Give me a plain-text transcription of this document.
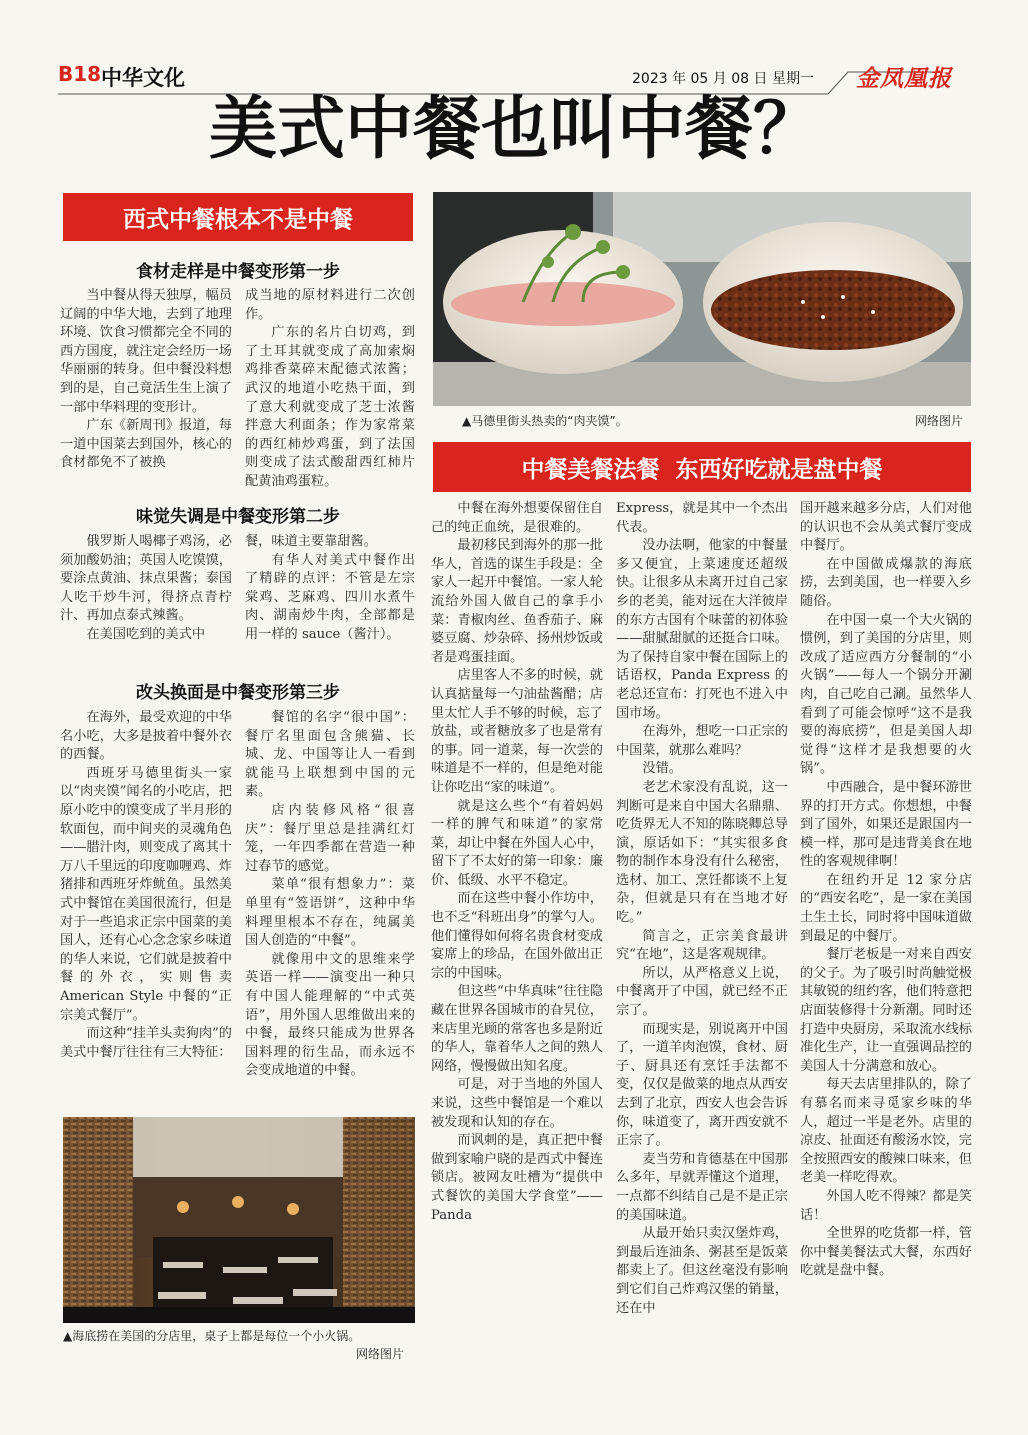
B18 中华文化	2023 年 05 月 08 日 星期一 金凤凰报
美式中餐也叫中餐？
西式中餐根本不是中餐
食材走样是中餐变形第一步

当中餐从得天独厚，幅员辽阔的中华大地，去到了地理环境、饮食习惯都完全不同的西方国度，就注定会经历一场华丽丽的转身。但中餐没料想到的是，自己竟活生生上演了一部中华料理的变形计。

广东《新周刊》报道，每一道中国菜去到国外，核心的食材都免不了被换

成当地的原材料进行二次创作。

广东的名片白切鸡，到了土耳其就变成了高加索焖鸡排香菜碎末配德式浓酱；武汉的地道小吃热干面，到了意大利就变成了芝士浓酱拌意大利面条；作为家常菜的西红柿炒鸡蛋，到了法国则变成了法式酸甜西红柿片配黄油鸡蛋粒。

味觉失调是中餐变形第二步

俄罗斯人喝椰子鸡汤，必须加酸奶油；英国人吃馍馍，要涂点黄油、抹点果酱；泰国人吃干炒牛河，得挤点青柠汁、再加点泰式辣酱。

在美国吃到的美式中

餐，味道主要靠甜酱。

有华人对美式中餐作出了精辟的点评：不管是左宗棠鸡、芝麻鸡、四川水煮牛肉、湖南炒牛肉，全部都是用一样的 sauce（酱汁）。

改头换面是中餐变形第三步

在海外，最受欢迎的中华名小吃，大多是披着中餐外衣的西餐。

西班牙马德里街头一家以“肉夹馍”闻名的小吃店，把原小吃中的馍变成了半月形的软面包，而中间夹的灵魂角色——腊汁肉，则变成了离其十万八千里远的印度咖喱鸡、炸猪排和西班牙炸鱿鱼。虽然美式中餐馆在美国很流行，但是对于一些追求正宗中国菜的美国人，还有心心念念家乡味道的华人来说，它们就是披着中餐的外衣，实则售卖 American Style 中餐的“正宗美式餐厅”。

而这种“挂羊头卖狗肉”的美式中餐厅往往有三大特征：

餐馆的名字“很中国”：餐厅名里面包含熊猫、长城、龙、中国等让人一看到就能马上联想到中国的元素。

店内装修风格“很喜庆”：餐厅里总是挂满红灯笼，一年四季都在营造一种过春节的感觉。

菜单“很有想象力”：菜单里有“签语饼”，这种中华料理里根本不存在，纯属美国人创造的“中餐”。

就像用中文的思维来学英语一样——演变出一种只有中国人能理解的“中式英语”，用外国人思维做出来的中餐，最终只能成为世界各国料理的衍生品，而永远不会变成地道的中餐。

▲海底捞在美国的分店里，桌子上都是每位一个小火锅。
网络图片
▲马德里街头热卖的“肉夹馍”。	网络图片
中餐美餐法餐  东西好吃就是盘中餐

中餐在海外想要保留住自己的纯正血统，是很难的。

最初移民到海外的那一批华人，首选的谋生手段是：全家人一起开中餐馆。一家人轮流给外国人做自己的拿手小菜：青椒肉丝、鱼香茄子、麻婆豆腐、炒杂碎、扬州炒饭或者是鸡蛋挂面。

店里客人不多的时候，就认真掂量每一勺油盐酱醋；店里太忙人手不够的时候，忘了放盐，或者糖放多了也是常有的事。同一道菜，每一次尝的味道是不一样的，但是绝对能让你吃出“家的味道”。

就是这么些个“有着妈妈一样的脾气和味道”的家常菜，却让中餐在外国人心中，留下了不太好的第一印象：廉价、低级、水平不稳定。

而在这些中餐小作坊中，也不乏“科班出身”的掌勺人。他们懂得如何将名贵食材变成宴席上的珍品，在国外做出正宗的中国味。

但这些“中华真味”往往隐藏在世界各国城市的旮旯位，来店里光顾的常客也多是附近的华人，靠着华人之间的熟人网络，慢慢做出知名度。

可是，对于当地的外国人来说，这些中餐馆是一个难以被发现和认知的存在。

而讽刺的是，真正把中餐做到家喻户晓的是西式中餐连锁店。被网友吐槽为“提供中式餐饮的美国大学食堂”——Panda

Express，就是其中一个杰出代表。

没办法啊，他家的中餐量多又便宜，上菜速度还超级快。让很多从未离开过自己家乡的老美，能对远在大洋彼岸的东方古国有个味蕾的初体验——甜腻甜腻的还挺合口味。为了保持自家中餐在国际上的话语权，Panda Express 的老总还宣布：打死也不进入中国市场。

在海外，想吃一口正宗的中国菜，就那么难吗？

没错。

老艺术家没有乱说，这一判断可是来自中国大名鼎鼎、吃货界无人不知的陈晓卿总导演，原话如下：“其实很多食物的制作本身没有什么秘密，选材、加工、烹饪都谈不上复杂，但就是只有在当地才好吃。”

简言之，正宗美食最讲究“在地”，这是客观规律。

所以，从严格意义上说，中餐离开了中国，就已经不正宗了。

而现实是，别说离开中国了，一道羊肉泡馍，食材、厨子、厨具还有烹饪手法都不变，仅仅是做菜的地点从西安去到了北京，西安人也会告诉你，味道变了，离开西安就不正宗了。

麦当劳和肯德基在中国那么多年，早就弄懂这个道理，一点都不纠结自己是不是正宗的美国味道。

从最开始只卖汉堡炸鸡，到最后连油条、粥甚至是饭菜都卖上了。但这丝毫没有影响到它们自己炸鸡汉堡的销量，还在中

国开越来越多分店，人们对他的认识也不会从美式餐厅变成中餐厅。

在中国做成爆款的海底捞，去到美国，也一样要入乡随俗。

在中国一桌一个大火锅的惯例，到了美国的分店里，则改成了适应西方分餐制的“小火锅”——每人一个锅分开涮肉，自己吃自己涮。虽然华人看到了可能会惊呼“这不是我要的海底捞”，但是美国人却觉得“这样才是我想要的火锅”。

中西融合，是中餐环游世界的打开方式。你想想，中餐到了国外，如果还是跟国内一模一样，那可是违背美食在地性的客观规律啊！

在纽约开足 12 家分店的“西安名吃”，是一家在美国土生土长，同时将中国味道做到最足的中餐厅。

餐厅老板是一对来自西安的父子。为了吸引时尚触觉极其敏锐的纽约客，他们特意把店面装修得十分新潮。同时还打造中央厨房，采取流水线标准化生产，让一直强调品控的美国人十分满意和放心。

每天去店里排队的，除了有慕名而来寻觅家乡味的华人，超过一半是老外。店里的凉皮、扯面还有酸汤水饺，完全按照西安的酸辣口味来，但老美一样吃得欢。

外国人吃不得辣？都是笑话！

全世界的吃货都一样，管你中餐美餐法式大餐，东西好吃就是盘中餐。
